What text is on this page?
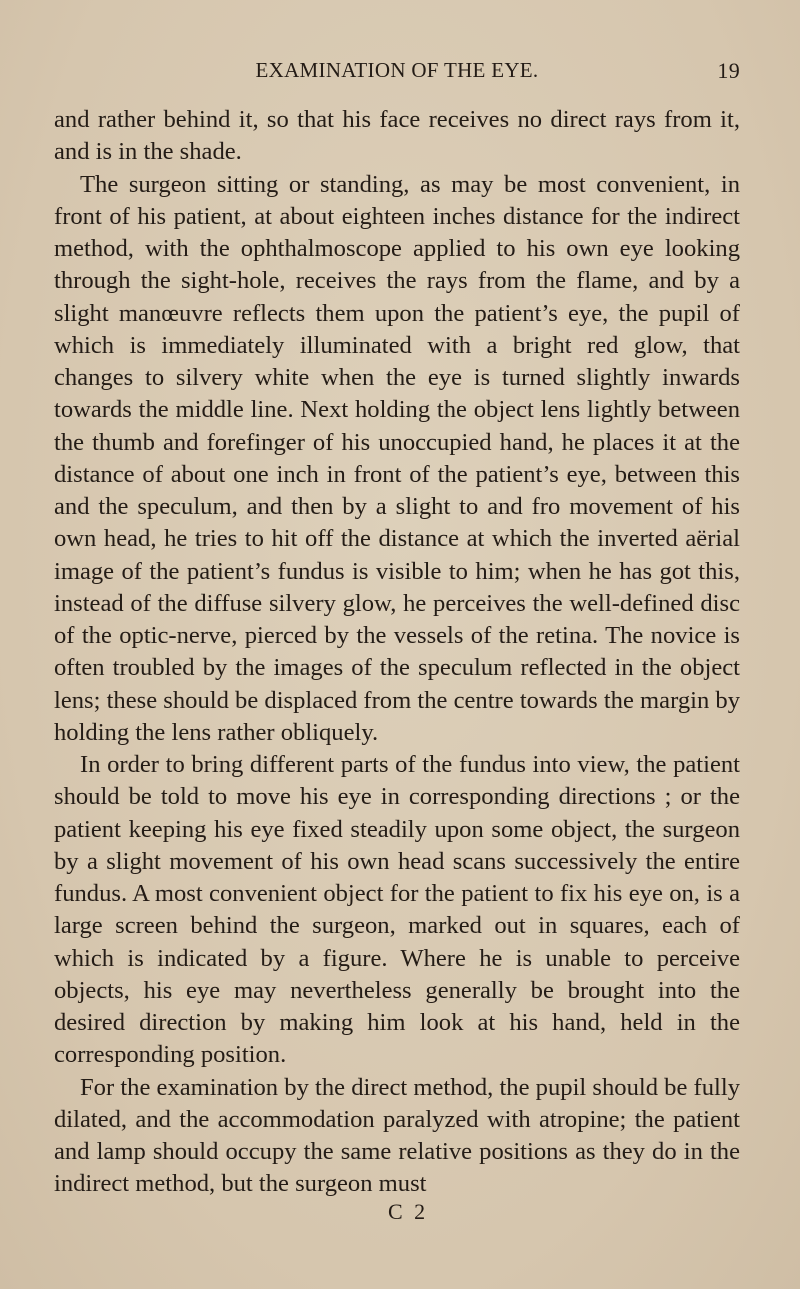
EXAMINATION OF THE EYE.	19

and rather behind it, so that his face receives no direct rays from it, and is in the shade.

The surgeon sitting or standing, as may be most convenient, in front of his patient, at about eighteen inches distance for the indirect method, with the ophthalmoscope applied to his own eye looking through the sight-hole, receives the rays from the flame, and by a slight manœuvre reflects them upon the patient’s eye, the pupil of which is immediately illuminated with a bright red glow, that changes to silvery white when the eye is turned slightly inwards towards the middle line. Next holding the object lens lightly between the thumb and forefinger of his unoccupied hand, he places it at the distance of about one inch in front of the patient’s eye, between this and the speculum, and then by a slight to and fro movement of his own head, he tries to hit off the distance at which the inverted aërial image of the patient’s fundus is visible to him; when he has got this, instead of the diffuse silvery glow, he perceives the well-defined disc of the optic-nerve, pierced by the vessels of the retina. The novice is often troubled by the images of the speculum reflected in the object lens; these should be displaced from the centre towards the margin by holding the lens rather obliquely.

In order to bring different parts of the fundus into view, the patient should be told to move his eye in corresponding directions ; or the patient keeping his eye fixed steadily upon some object, the surgeon by a slight movement of his own head scans successively the entire fundus. A most convenient object for the patient to fix his eye on, is a large screen behind the surgeon, marked out in squares, each of which is indicated by a figure. Where he is unable to perceive objects, his eye may nevertheless generally be brought into the desired direction by making him look at his hand, held in the corresponding position.

For the examination by the direct method, the pupil should be fully dilated, and the accommodation paralyzed with atropine; the patient and lamp should occupy the same relative positions as they do in the indirect method, but the surgeon must

C 2
